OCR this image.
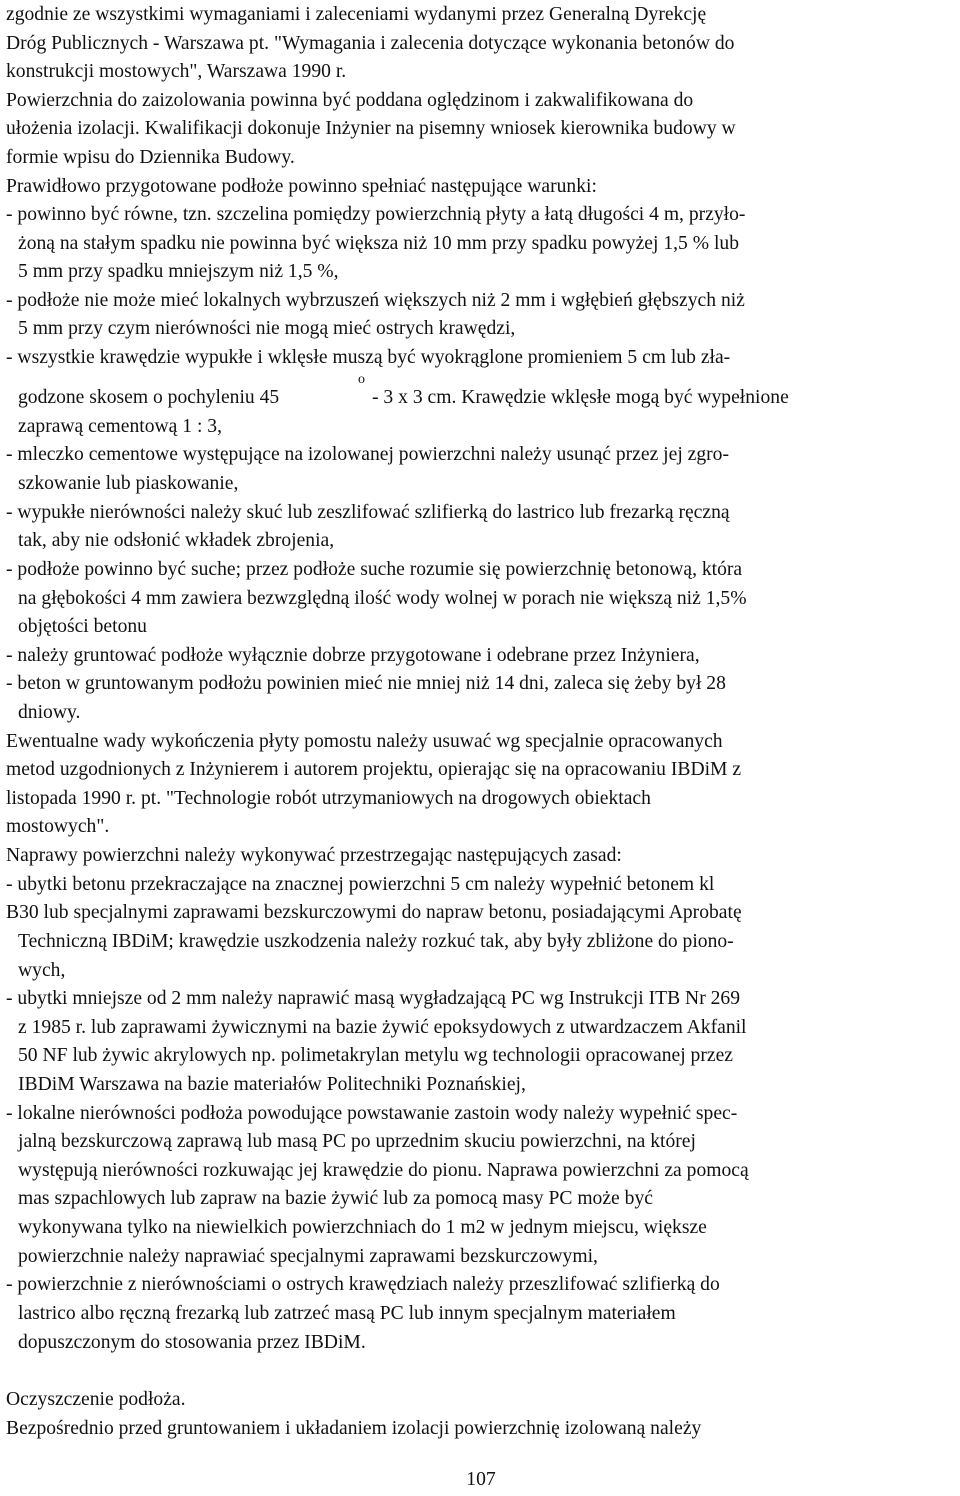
zgodnie ze wszystkimi wymaganiami i zaleceniami wydanymi przez Generalną Dyrekcję
Dróg Publicznych - Warszawa pt. "Wymagania i zalecenia dotyczące wykonania betonów do
konstrukcji mostowych", Warszawa 1990 r.
Powierzchnia do zaizolowania powinna być poddana oględzinom i zakwalifikowana do
ułożenia izolacji. Kwalifikacji dokonuje Inżynier na pisemny wniosek kierownika budowy w
formie wpisu do Dziennika Budowy.
Prawidłowo przygotowane podłoże powinno spełniać następujące warunki:
- powinno być równe, tzn. szczelina pomiędzy powierzchnią płyty a łatą długości 4 m, przyło-
żoną na stałym spadku nie powinna być większa niż 10 mm przy spadku powyżej 1,5 % lub
5 mm przy spadku mniejszym niż 1,5 %,
- podłoże nie może mieć lokalnych wybrzuszeń większych niż 2 mm i wgłębień głębszych niż
5 mm przy czym nierówności nie mogą mieć ostrych krawędzi,
- wszystkie krawędzie wypukłe i wklęsłe muszą być wyokrąglone promieniem 5 cm lub zła-
godzone skosem o pochyleniu 45
o
- 3 x 3 cm. Krawędzie wklęsłe mogą być wypełnione
zaprawą cementową 1 : 3,
- mleczko cementowe występujące na izolowanej powierzchni należy usunąć przez jej zgro-
szkowanie lub piaskowanie,
- wypukłe nierówności należy skuć lub zeszlifować szlifierką do lastrico lub frezarką ręczną
tak, aby nie odsłonić wkładek zbrojenia,
- podłoże powinno być suche; przez podłoże suche rozumie się powierzchnię betonową, która
na głębokości 4 mm zawiera bezwzględną ilość wody wolnej w porach nie większą niż 1,5%
objętości betonu
- należy gruntować podłoże wyłącznie dobrze przygotowane i odebrane przez Inżyniera,
- beton w gruntowanym podłożu powinien mieć nie mniej niż 14 dni, zaleca się żeby był 28
dniowy.
Ewentualne wady wykończenia płyty pomostu należy usuwać wg specjalnie opracowanych
metod uzgodnionych z Inżynierem i autorem projektu, opierając się na opracowaniu IBDiM z
listopada 1990 r. pt. "Technologie robót utrzymaniowych na drogowych obiektach
mostowych".
Naprawy powierzchni należy wykonywać przestrzegając następujących zasad:
- ubytki betonu przekraczające na znacznej powierzchni 5 cm należy wypełnić betonem kl
B30 lub specjalnymi zaprawami bezskurczowymi do napraw betonu, posiadającymi Aprobatę
Techniczną IBDiM; krawędzie uszkodzenia należy rozkuć tak, aby były zbliżone do piono-
wych,
- ubytki mniejsze od 2 mm należy naprawić masą wygładzającą PC wg Instrukcji ITB Nr 269
z 1985 r. lub zaprawami żywicznymi na bazie żywić epoksydowych z utwardzaczem Akfanil
50 NF lub żywic akrylowych np. polimetakrylan metylu wg technologii opracowanej przez
IBDiM Warszawa na bazie materiałów Politechniki Poznańskiej,
- lokalne nierówności podłoża powodujące powstawanie zastoin wody należy wypełnić spec-
jalną bezskurczową zaprawą lub masą PC po uprzednim skuciu powierzchni, na której
występują nierówności rozkuwając jej krawędzie do pionu. Naprawa powierzchni za pomocą
mas szpachlowych lub zapraw na bazie żywić lub za pomocą masy PC może być
wykonywana tylko na niewielkich powierzchniach do 1 m2 w jednym miejscu, większe
powierzchnie należy naprawiać specjalnymi zaprawami bezskurczowymi,
- powierzchnie z nierównościami o ostrych krawędziach należy przeszlifować szlifierką do
lastrico albo ręczną frezarką lub zatrzeć masą PC lub innym specjalnym materiałem
dopuszczonym do stosowania przez IBDiM.
Oczyszczenie podłoża.
Bezpośrednio przed gruntowaniem i układaniem izolacji powierzchnię izolowaną należy
107
